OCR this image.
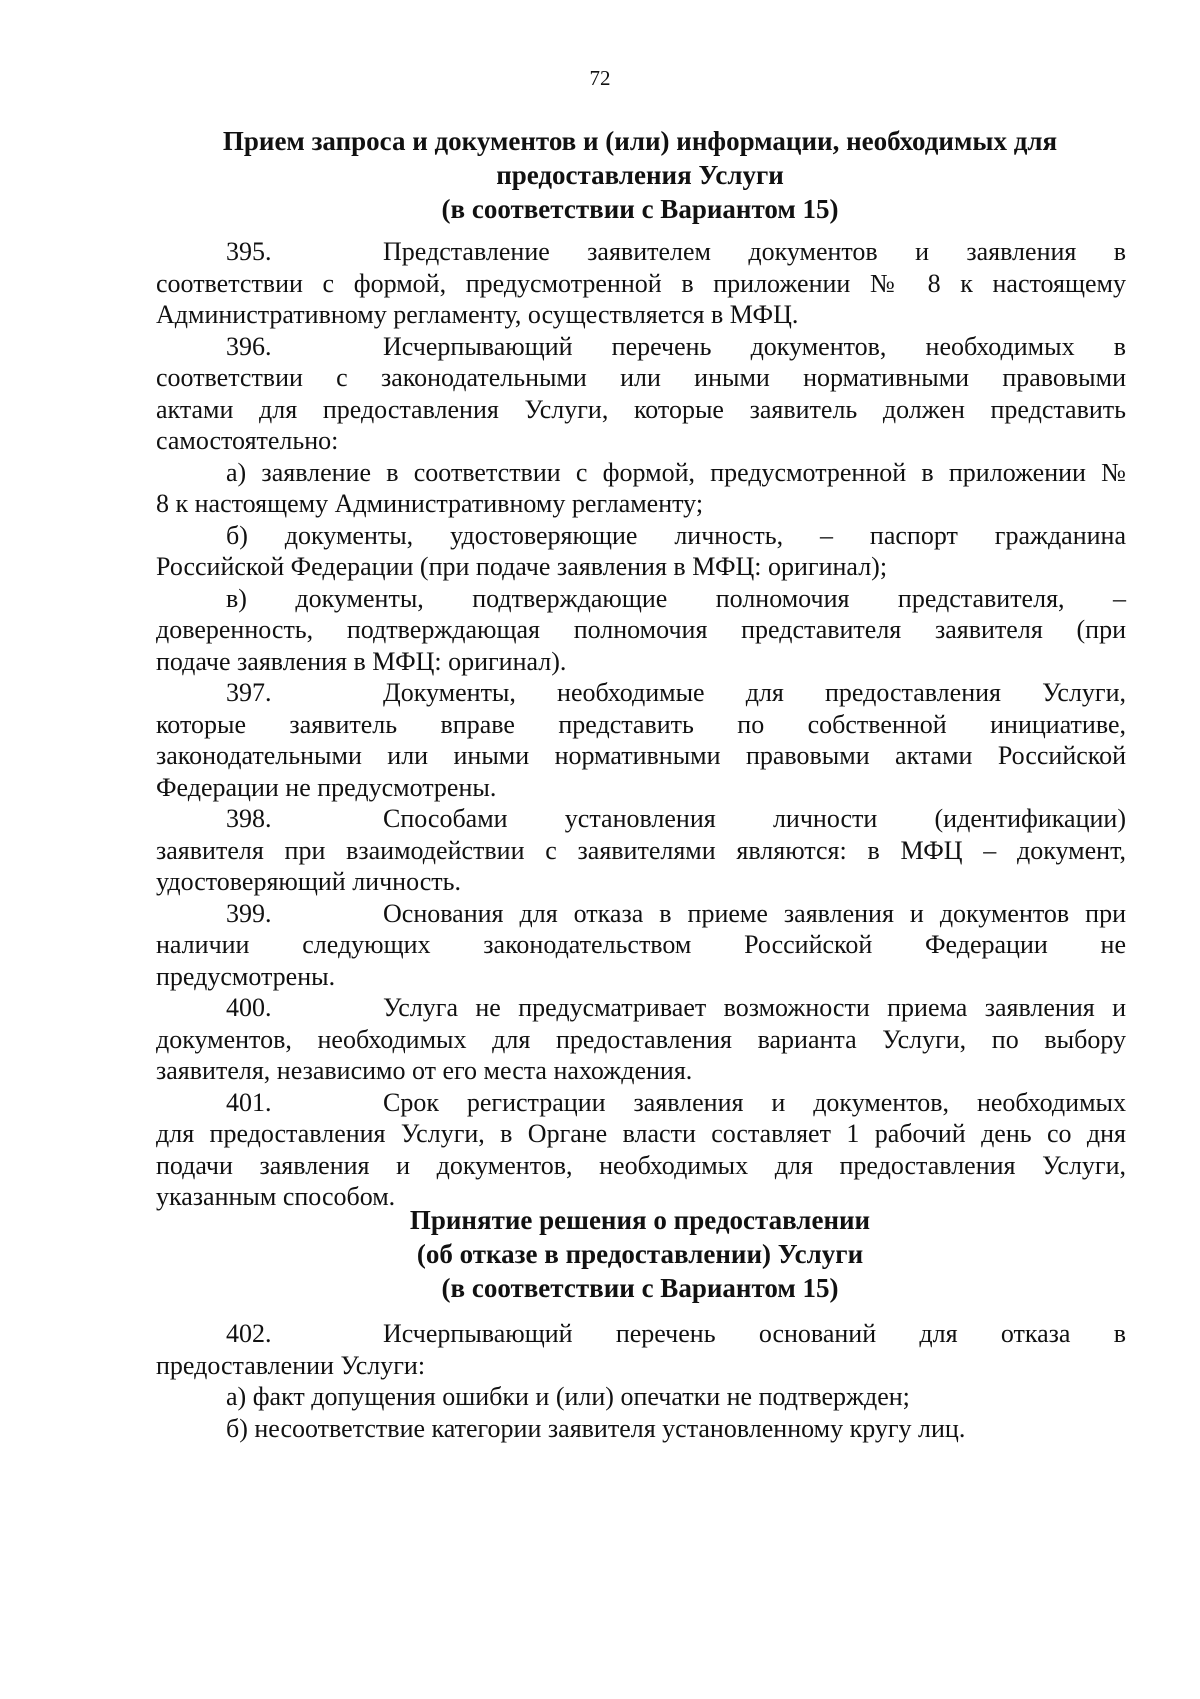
72
Прием запроса и документов и (или) информации, необходимых для
предоставления Услуги
(в соответствии с Вариантом 15)
395.	Представление заявителем документов и заявления в
соответствии с формой, предусмотренной в приложении № 8 к настоящему
Административному регламенту, осуществляется в МФЦ.
396.	Исчерпывающий перечень документов, необходимых в
соответствии с законодательными или иными нормативными правовыми
актами для предоставления Услуги, которые заявитель должен представить
самостоятельно:
а) заявление в соответствии с формой, предусмотренной в приложении №
8 к настоящему Административному регламенту;
б) документы, удостоверяющие личность, – паспорт гражданина
Российской Федерации (при подаче заявления в МФЦ: оригинал);
в) документы, подтверждающие полномочия представителя, –
доверенность, подтверждающая полномочия представителя заявителя (при
подаче заявления в МФЦ: оригинал).
397.	Документы, необходимые для предоставления Услуги,
которые заявитель вправе представить по собственной инициативе,
законодательными или иными нормативными правовыми актами Российской
Федерации не предусмотрены.
398.	Способами установления личности (идентификации)
заявителя при взаимодействии с заявителями являются: в МФЦ – документ,
удостоверяющий личность.
399.	Основания для отказа в приеме заявления и документов при
наличии следующих законодательством Российской Федерации не
предусмотрены.
400.	Услуга не предусматривает возможности приема заявления и
документов, необходимых для предоставления варианта Услуги, по выбору
заявителя, независимо от его места нахождения.
401.	Срок регистрации заявления и документов, необходимых
для предоставления Услуги, в Органе власти составляет 1 рабочий день со дня
подачи заявления и документов, необходимых для предоставления Услуги,
указанным способом.
Принятие решения о предоставлении
(об отказе в предоставлении) Услуги
(в соответствии с Вариантом 15)
402.	Исчерпывающий перечень оснований для отказа в
предоставлении Услуги:
а) факт допущения ошибки и (или) опечатки не подтвержден;
б) несоответствие категории заявителя установленному кругу лиц.
